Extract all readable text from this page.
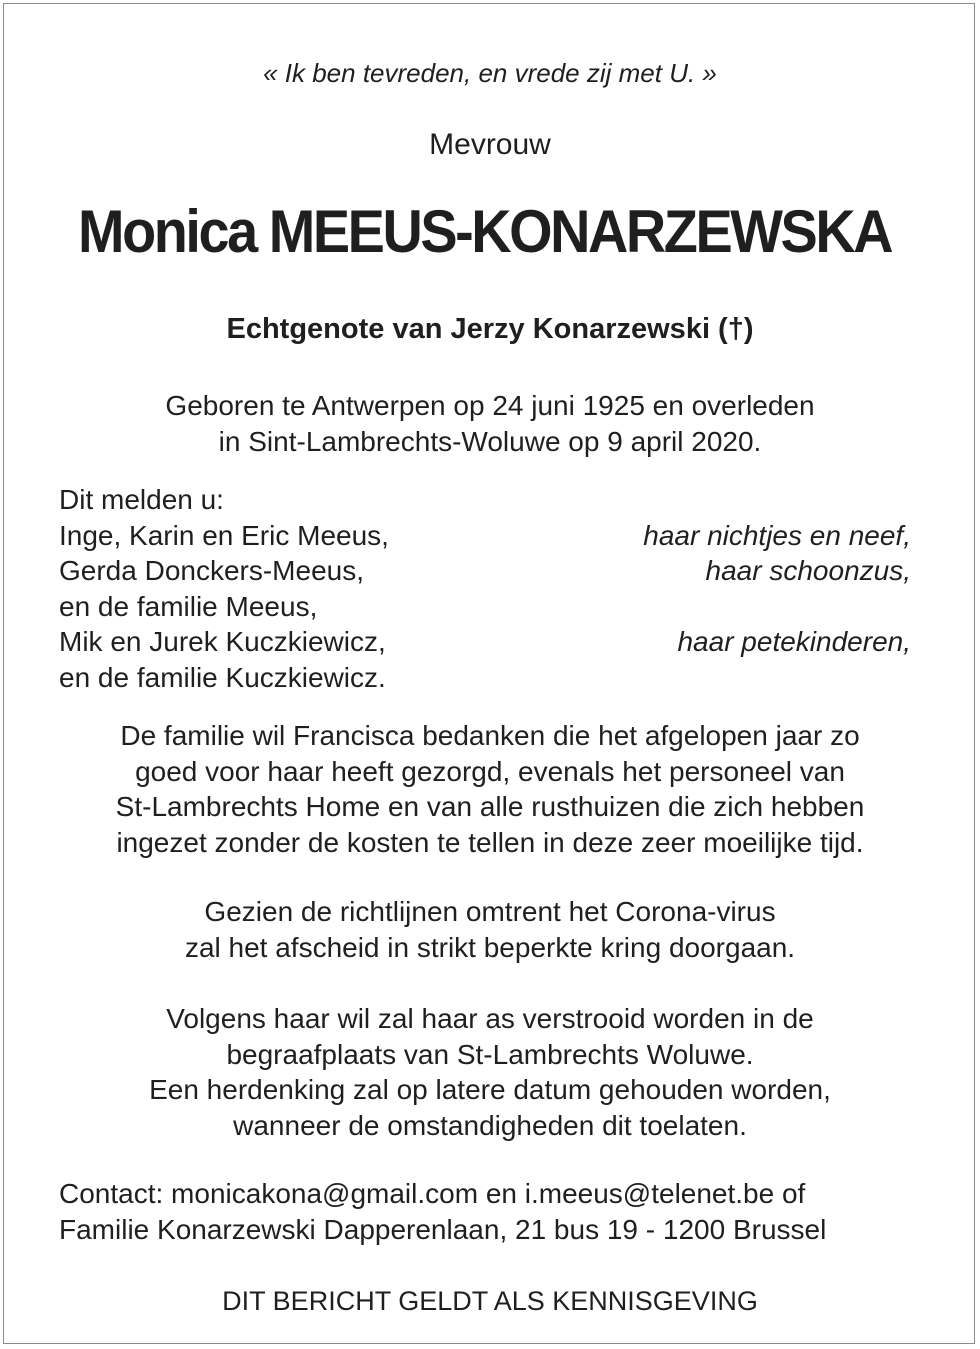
« Ik ben tevreden, en vrede zij met U. »
Mevrouw
Monica MEEUS-KONARZEWSKA
Echtgenote van Jerzy Konarzewski (†)
Geboren te Antwerpen op 24 juni 1925 en overleden
in Sint-Lambrechts-Woluwe op 9 april 2020.
Dit melden u:
Inge, Karin en Eric Meeus,	haar nichtjes en neef,
Gerda Donckers-Meeus,	haar schoonzus,
en de familie Meeus,
Mik en Jurek Kuczkiewicz,	haar petekinderen,
en de familie Kuczkiewicz.
De familie wil Francisca bedanken die het afgelopen jaar zo
goed voor haar heeft gezorgd, evenals het personeel van
St-Lambrechts Home en van alle rusthuizen die zich hebben
ingezet zonder de kosten te tellen in deze zeer moeilijke tijd.
Gezien de richtlijnen omtrent het Corona-virus
zal het afscheid in strikt beperkte kring doorgaan.
Volgens haar wil zal haar as verstrooid worden in de
begraafplaats van St-Lambrechts Woluwe.
Een herdenking zal op latere datum gehouden worden,
wanneer de omstandigheden dit toelaten.
Contact: monicakona@gmail.com en i.meeus@telenet.be of
Familie Konarzewski Dapperenlaan, 21 bus 19 - 1200 Brussel
DIT BERICHT GELDT ALS KENNISGEVING
